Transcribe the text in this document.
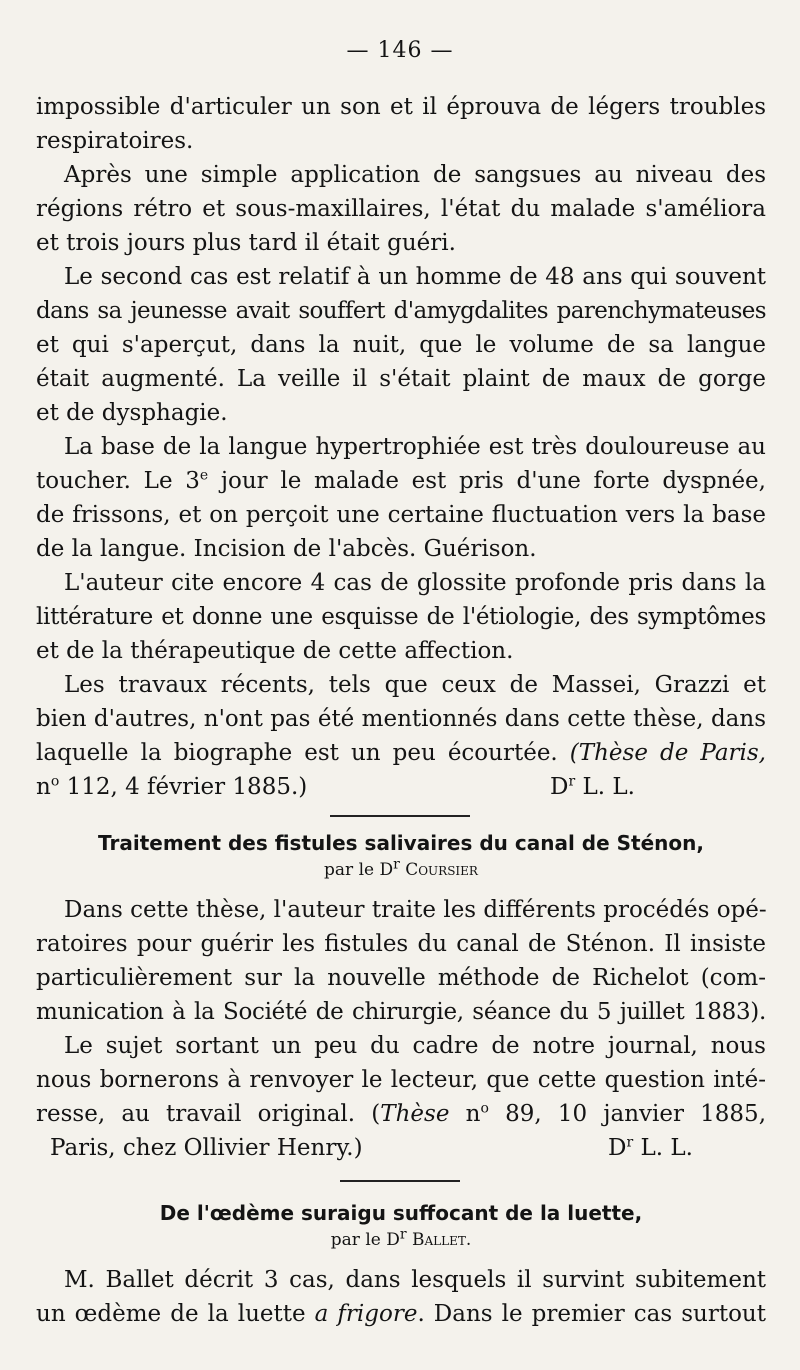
— 146 —
impossible d'articuler un son et il éprouva de légers troubles
respiratoires.
Après une simple application de sangsues au niveau des
régions rétro et sous-maxillaires, l'état du malade s'améliora
et trois jours plus tard il était guéri.
Le second cas est relatif à un homme de 48 ans qui souvent
dans sa jeunesse avait souffert d'amygdalites parenchymateuses
et qui s'aperçut, dans la nuit, que le volume de sa langue
était augmenté. La veille il s'était plaint de maux de gorge
et de dysphagie.
La base de la langue hypertrophiée est très douloureuse au
toucher. Le 3e jour le malade est pris d'une forte dyspnée,
de frissons, et on perçoit une certaine fluctuation vers la base
de la langue. Incision de l'abcès. Guérison.
L'auteur cite encore 4 cas de glossite profonde pris dans la
littérature et donne une esquisse de l'étiologie, des symptômes
et de la thérapeutique de cette affection.
Les travaux récents, tels que ceux de Massei, Grazzi et
bien d'autres, n'ont pas été mentionnés dans cette thèse, dans
laquelle la biographe est un peu écourtée. (Thèse de Paris,
$n^o$ 112, 4 février 1885.)	$D^r$ L. L.
Traitement des fistules salivaires du canal de Sténon,
par le $D^r$ Coursier
Dans cette thèse, l'auteur traite les différents procédés opé-
ratoires pour guérir les fistules du canal de Sténon. Il insiste
particulièrement sur la nouvelle méthode de Richelot (com-
munication à la Société de chirurgie, séance du 5 juillet 1883).
Le sujet sortant un peu du cadre de notre journal, nous
nous bornerons à renvoyer le lecteur, que cette question inté-
resse, au travail original. (Thèse $n^o$ 89, 10 janvier 1885,
Paris, chez Ollivier Henry.)	$D^r$ L. L.
De l'œdème suraigu suffocant de la luette,
par le $D^r$ Ballet.
M. Ballet décrit 3 cas, dans lesquels il survint subitement
un œdème de la luette a frigore. Dans le premier cas surtout
